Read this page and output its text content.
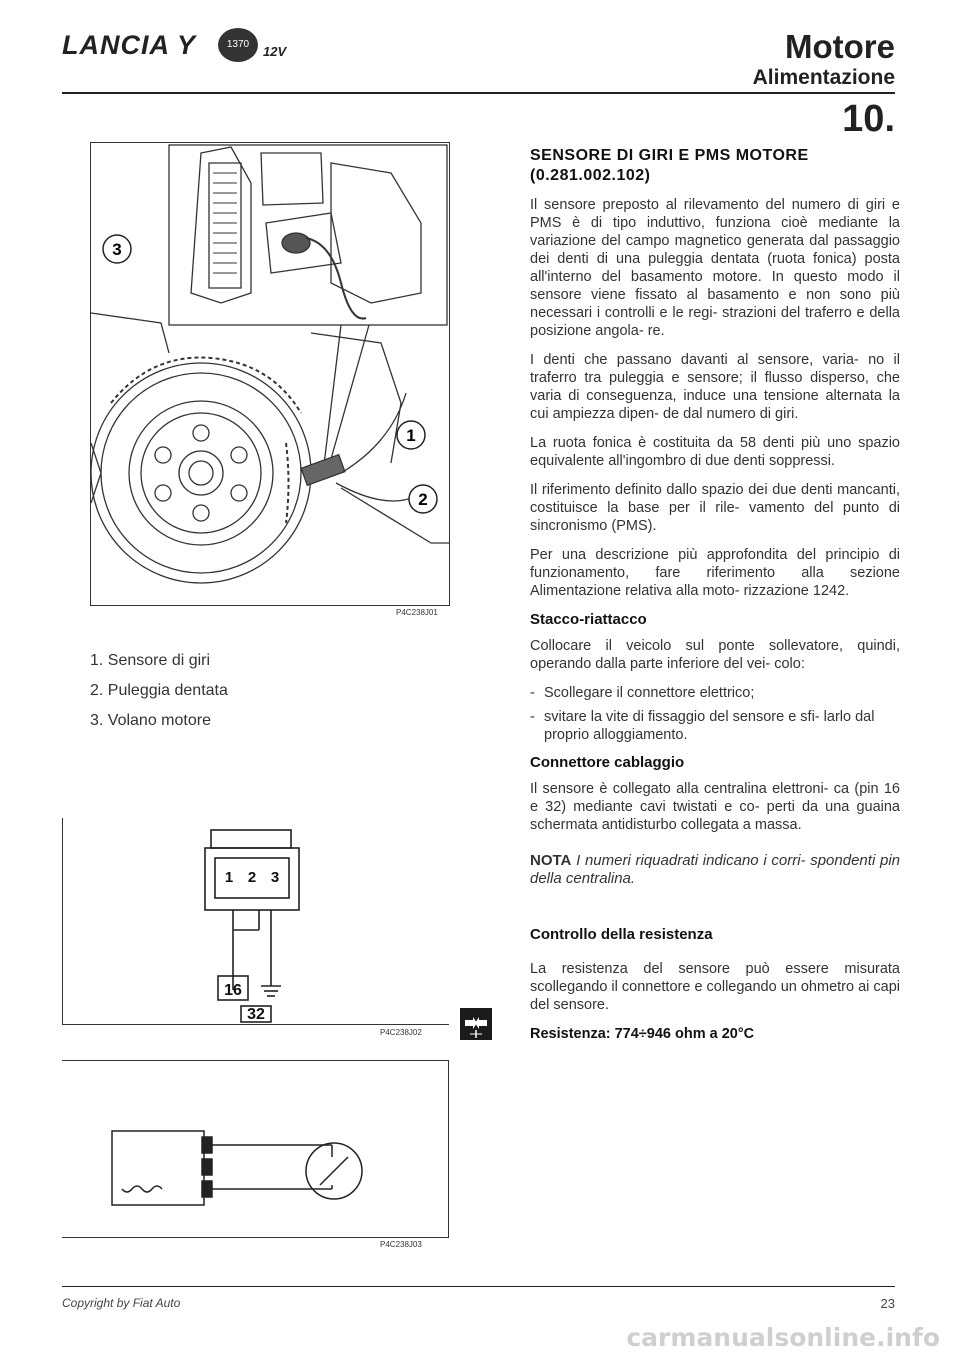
LANCIA Y	1370	12V	Motore
Alimentazione
10.
3
1
2
P4C238J01
1. Sensore di giri
2. Puleggia dentata
3. Volano motore
1 2 3
16
32
P4C238J02
P4C238J03
SENSORE DI GIRI E PMS MOTORE (0.281.002.102)

Il sensore preposto al rilevamento del numero di giri e PMS è di tipo induttivo, funziona cioè mediante la variazione del campo magnetico generata dal passaggio dei denti di una puleggia dentata (ruota fonica) posta all'interno del basamento motore. In questo modo il sensore viene fissato al basamento e non sono più necessari i controlli e le regi- strazioni del traferro e della posizione angola- re.

I denti che passano davanti al sensore, varia- no il traferro tra puleggia e sensore; il flusso disperso, che varia di conseguenza, induce una tensione alternata la cui ampiezza dipen- de dal numero di giri.

La ruota fonica è costituita da 58 denti più uno spazio equivalente all'ingombro di due denti soppressi.

Il riferimento definito dallo spazio dei due denti mancanti, costituisce la base per il rile- vamento del punto di sincronismo (PMS).

Per una descrizione più approfondita del principio di funzionamento, fare riferimento alla sezione Alimentazione relativa alla moto- rizzazione 1242.

Stacco-riattacco

Collocare il veicolo sul ponte sollevatore, quindi, operando dalla parte inferiore del vei- colo:

- Scollegare il connettore elettrico;
- svitare la vite di fissaggio del sensore e sfi- larlo dal proprio alloggiamento.
Connettore cablaggio

Il sensore è collegato alla centralina elettroni- ca (pin 16 e 32) mediante cavi twistati e co- perti da una guaina schermata antidisturbo collegata a massa.

NOTA I numeri riquadrati indicano i corri- spondenti pin della centralina.

Controllo della resistenza

La resistenza del sensore può essere misurata scollegando il connettore e collegando un ohmetro ai capi del sensore.

Resistenza: 774÷946 ohm a 20°C

Copyright by Fiat Auto	23
carmanualsonline.info
